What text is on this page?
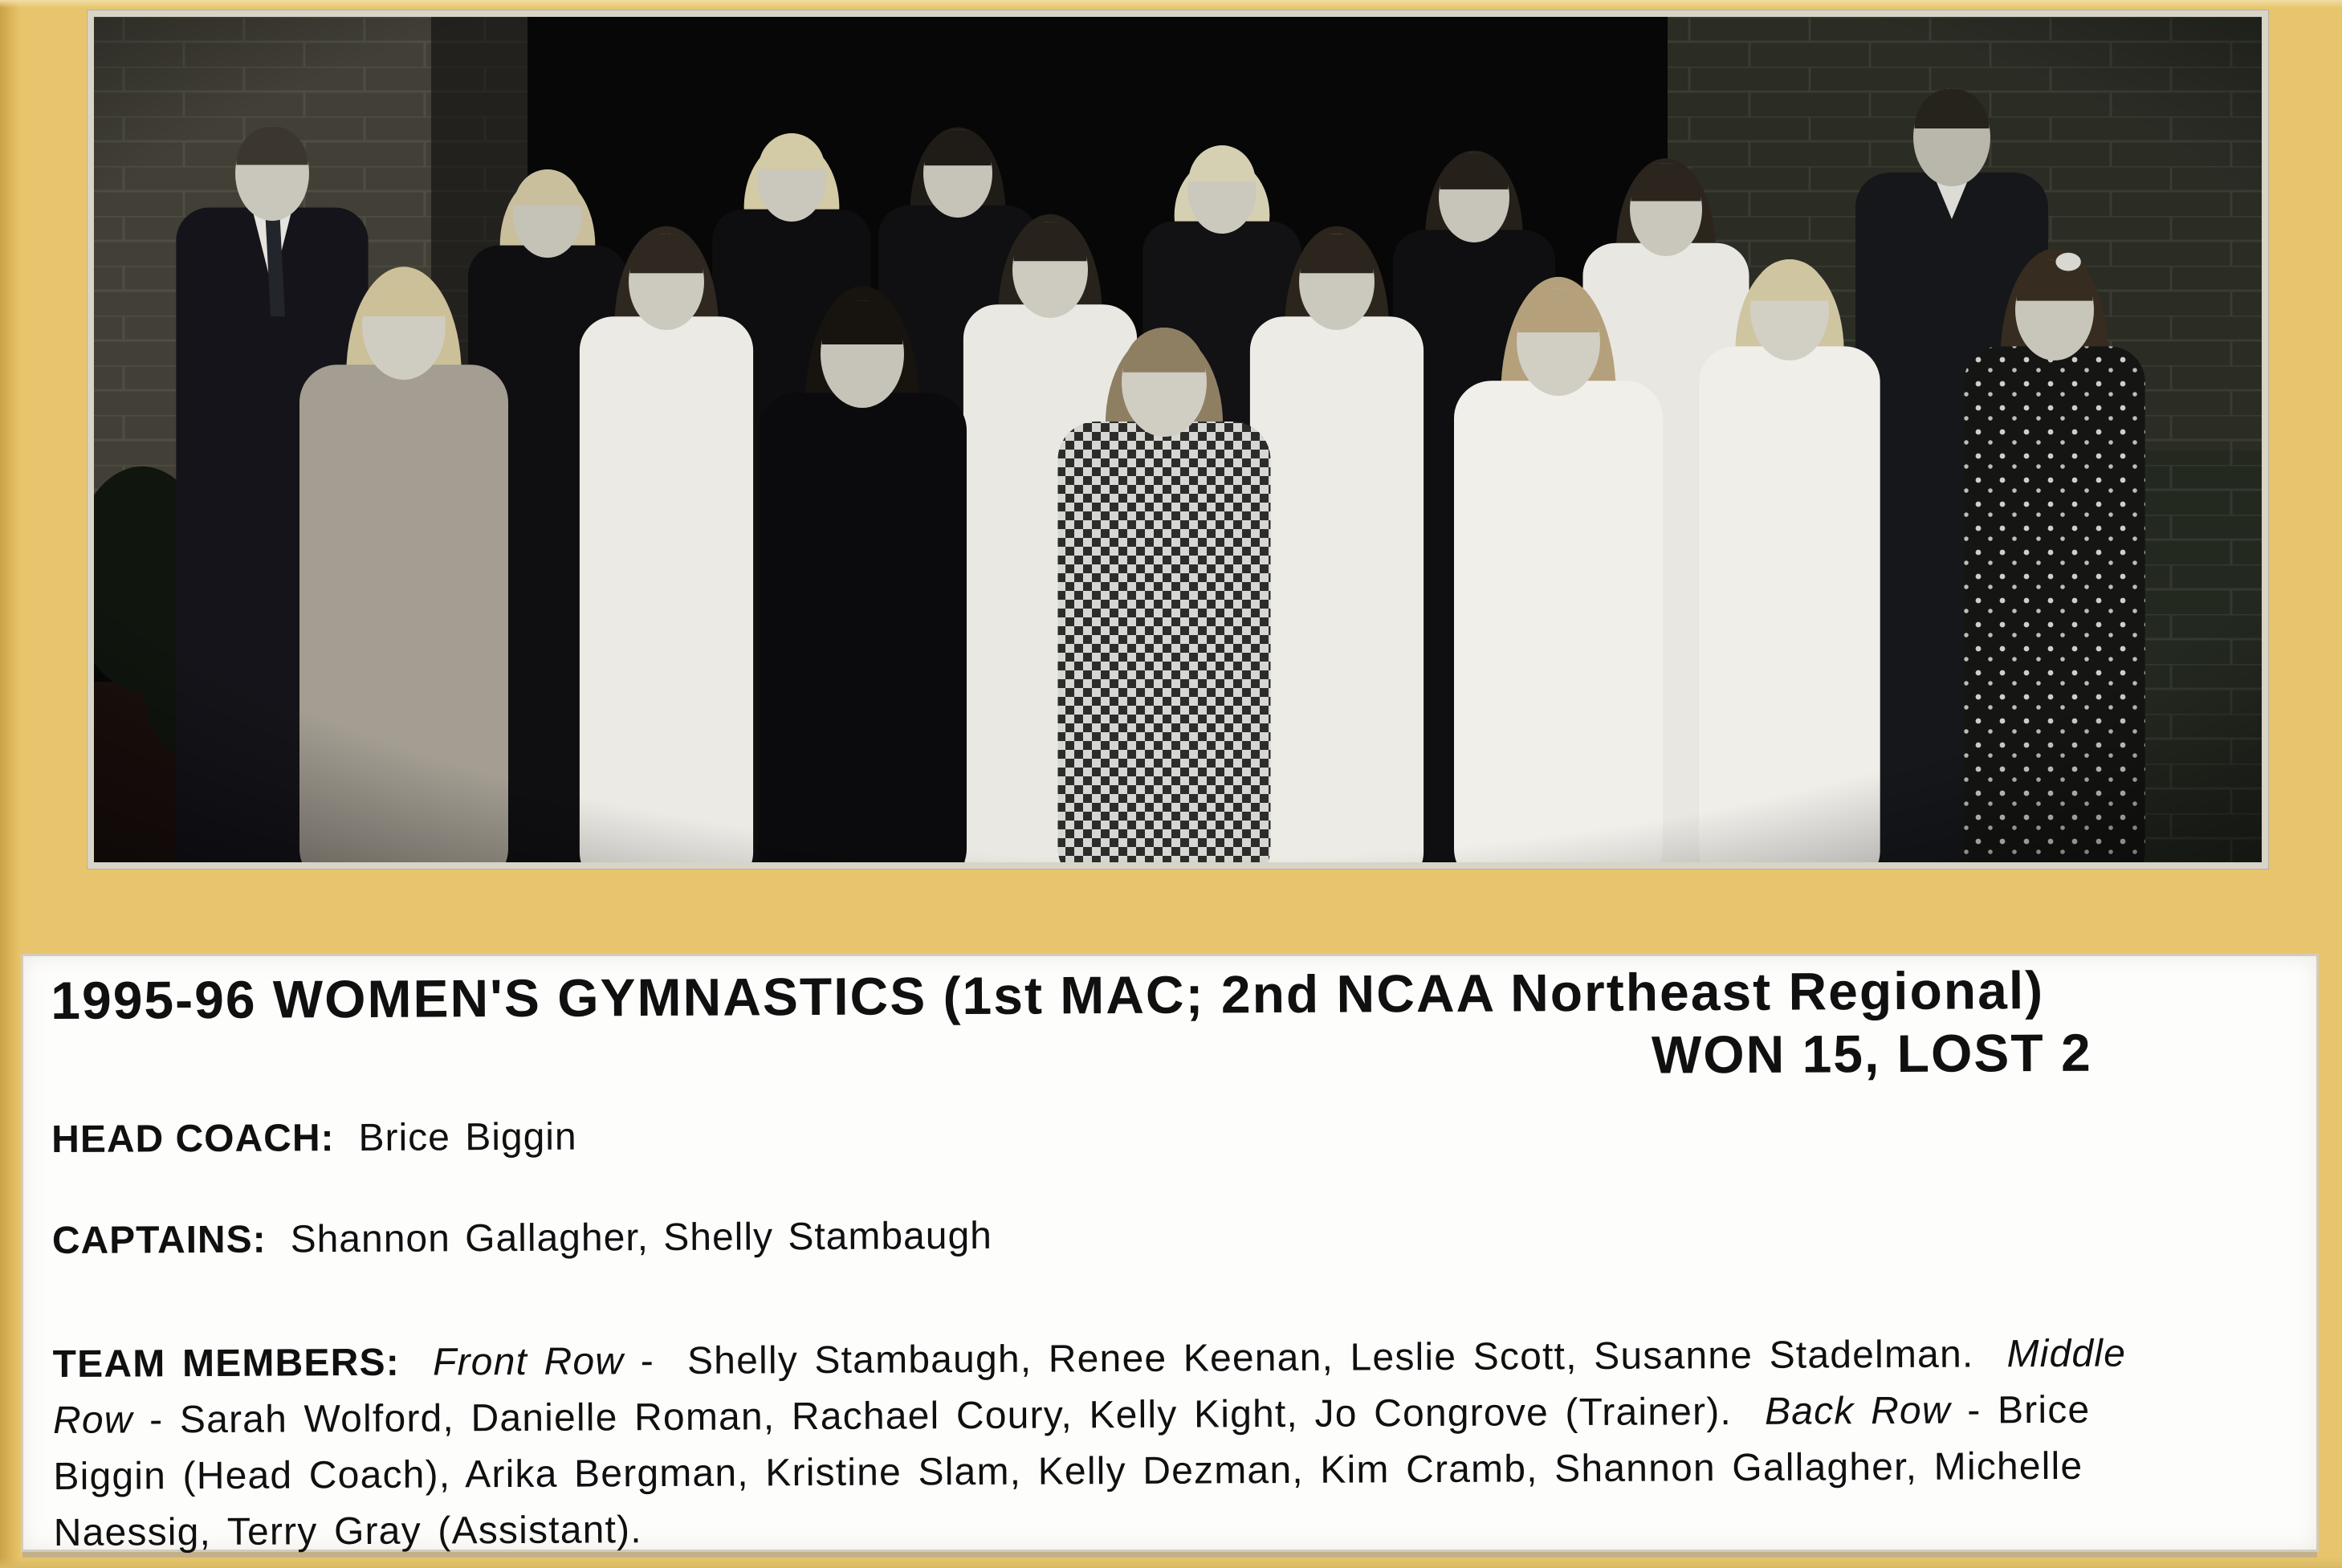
1995-96 WOMEN'S GYMNASTICS (1st MAC; 2nd NCAA Northeast Regional)
WON 15, LOST 2
HEAD COACH: Brice Biggin
CAPTAINS: Shannon Gallagher, Shelly Stambaugh
TEAM MEMBERS: Front Row -  Shelly Stambaugh, Renee Keenan, Leslie Scott, Susanne Stadelman.  Middle
Row - Sarah Wolford, Danielle Roman, Rachael Coury, Kelly Kight, Jo Congrove (Trainer).  Back Row - Brice
Biggin (Head Coach), Arika Bergman, Kristine Slam, Kelly Dezman, Kim Cramb, Shannon Gallagher, Michelle
Naessig, Terry Gray (Assistant).
